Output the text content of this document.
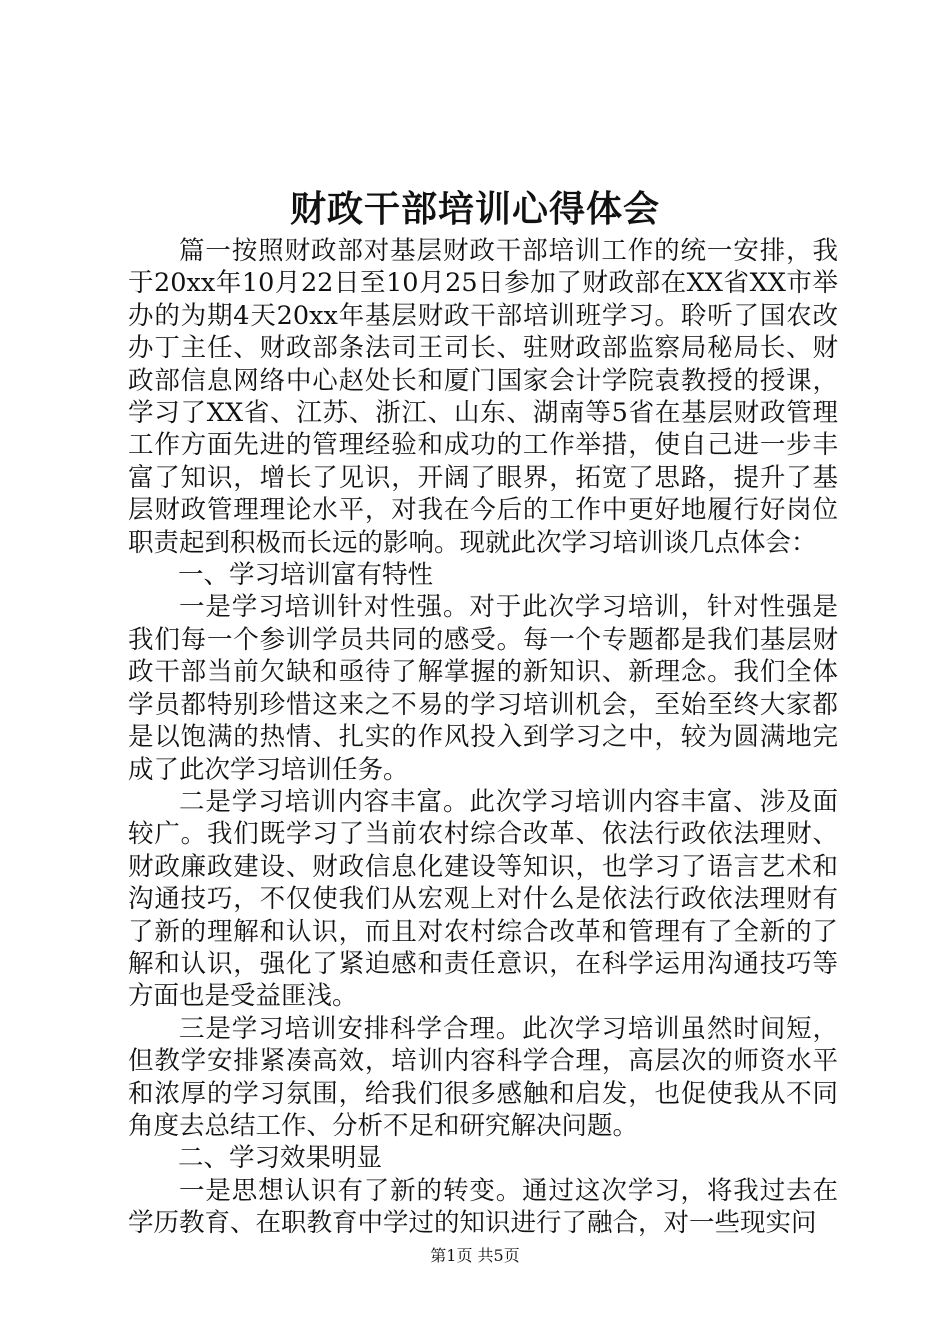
财政干部培训心得体会

篇一按照财政部对基层财政干部培训工作的统一安排，我于20xx年10月22日至10月25日参加了财政部在XX省XX市举办的为期4天20xx年基层财政干部培训班学习。聆听了国农改办丁主任、财政部条法司王司长、驻财政部监察局秘局长、财政部信息网络中心赵处长和厦门国家会计学院袁教授的授课，学习了XX省、江苏、浙江、山东、湖南等5省在基层财政管理工作方面先进的管理经验和成功的工作举措，使自己进一步丰富了知识，增长了见识，开阔了眼界，拓宽了思路，提升了基层财政管理理论水平，对我在今后的工作中更好地履行好岗位职责起到积极而长远的影响。现就此次学习培训谈几点体会：

一、学习培训富有特性

一是学习培训针对性强。对于此次学习培训，针对性强是我们每一个参训学员共同的感受。每一个专题都是我们基层财政干部当前欠缺和亟待了解掌握的新知识、新理念。我们全体学员都特别珍惜这来之不易的学习培训机会，至始至终大家都是以饱满的热情、扎实的作风投入到学习之中，较为圆满地完成了此次学习培训任务。

二是学习培训内容丰富。此次学习培训内容丰富、涉及面较广。我们既学习了当前农村综合改革、依法行政依法理财、财政廉政建设、财政信息化建设等知识，也学习了语言艺术和沟通技巧，不仅使我们从宏观上对什么是依法行政依法理财有了新的理解和认识，而且对农村综合改革和管理有了全新的了解和认识，强化了紧迫感和责任意识，在科学运用沟通技巧等方面也是受益匪浅。

三是学习培训安排科学合理。此次学习培训虽然时间短，但教学安排紧凑高效，培训内容科学合理，高层次的师资水平和浓厚的学习氛围，给我们很多感触和启发，也促使我从不同角度去总结工作、分析不足和研究解决问题。

二、学习效果明显

一是思想认识有了新的转变。通过这次学习，将我过去在学历教育、在职教育中学过的知识进行了融合，对一些现实问

第1页 共5页
